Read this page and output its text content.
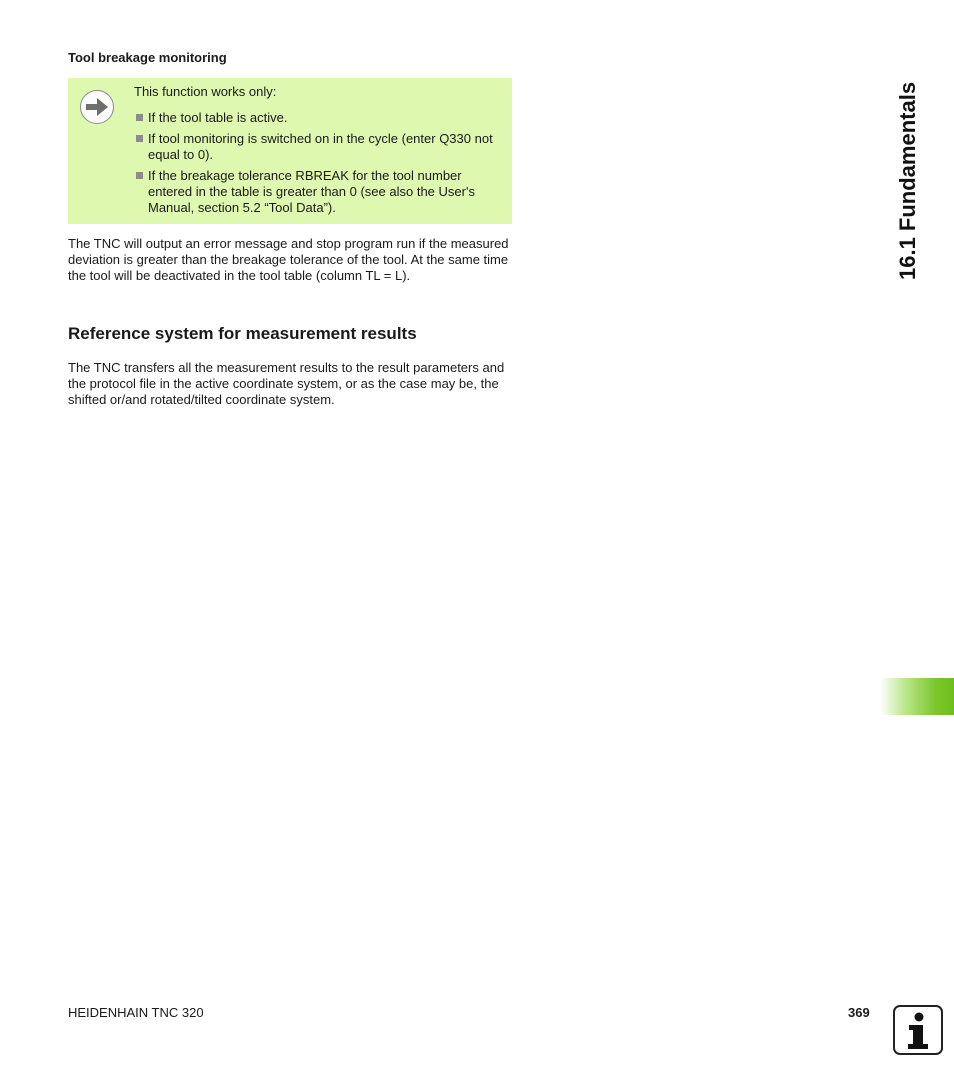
Tool breakage monitoring
This function works only:
If the tool table is active.
If tool monitoring is switched on in the cycle (enter Q330 not equal to 0).
If the breakage tolerance RBREAK for the tool number entered in the table is greater than 0 (see also the User's Manual, section 5.2 “Tool Data”).

The TNC will output an error message and stop program run if the measured deviation is greater than the breakage tolerance of the tool. At the same time the tool will be deactivated in the tool table (column TL = L).

Reference system for measurement results

The TNC transfers all the measurement results to the result parameters and the protocol file in the active coordinate system, or as the case may be, the shifted or/and rotated/tilted coordinate system.

16.1 Fundamentals
HEIDENHAIN TNC 320	369
